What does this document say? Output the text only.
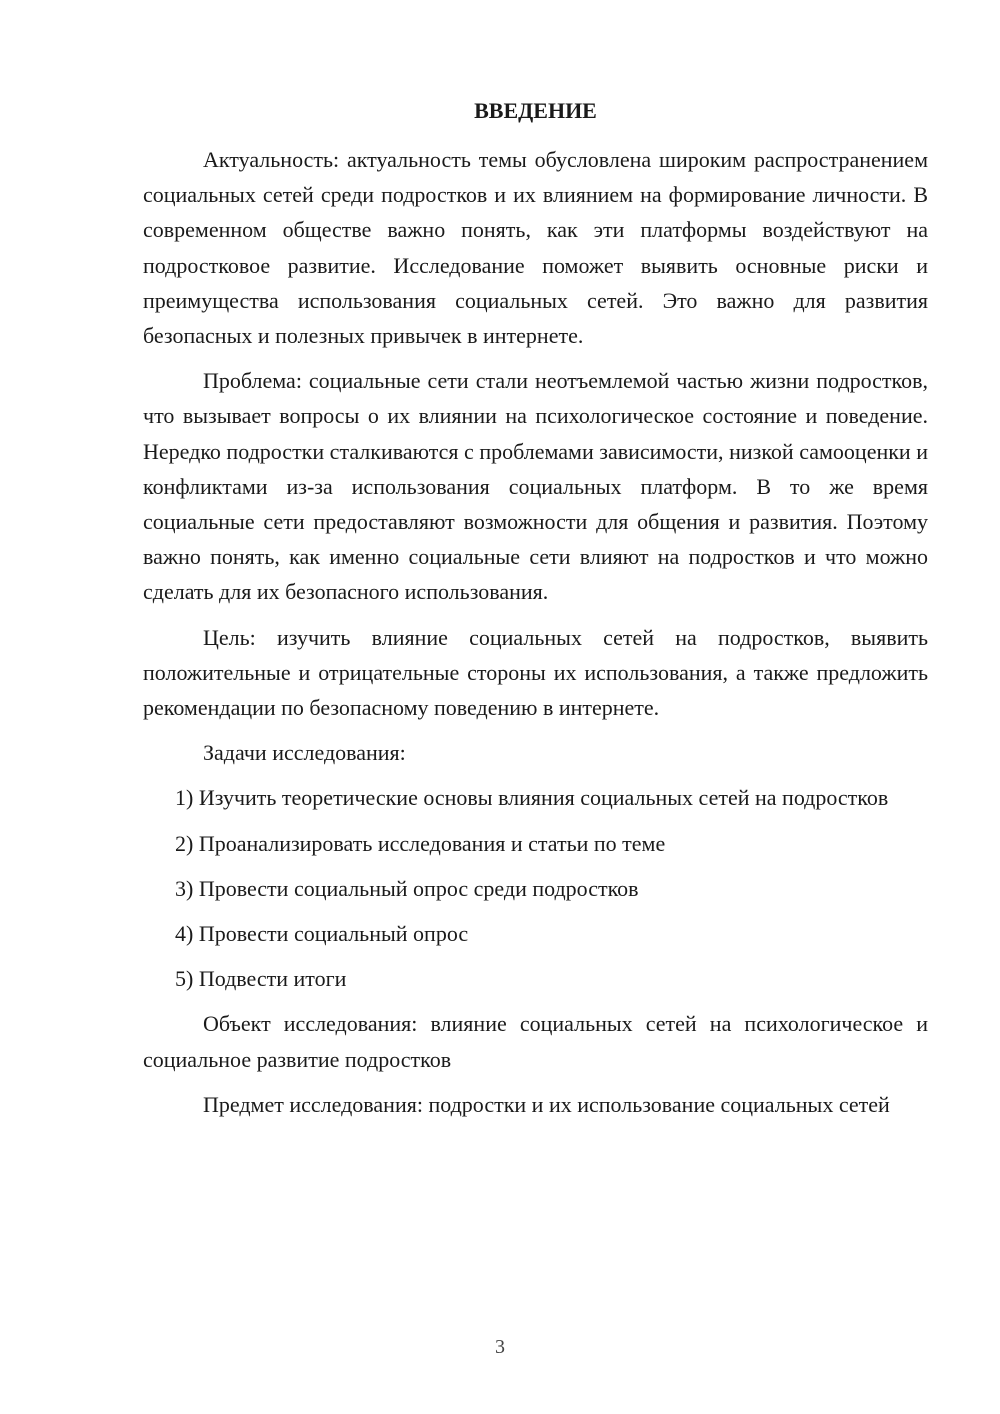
ВВЕДЕНИЕ

Актуальность: актуальность темы обусловлена широким распространением социальных сетей среди подростков и их влиянием на формирование личности. В современном обществе важно понять, как эти платформы воздействуют на подростковое развитие. Исследование поможет выявить основные риски и преимущества использования социальных сетей. Это важно для развития безопасных и полезных привычек в интернете.

Проблема: социальные сети стали неотъемлемой частью жизни подростков, что вызывает вопросы о их влиянии на психологическое состояние и поведение. Нередко подростки сталкиваются с проблемами зависимости, низкой самооценки и конфликтами из-за использования социальных платформ. В то же время социальные сети предоставляют возможности для общения и развития. Поэтому важно понять, как именно социальные сети влияют на подростков и что можно сделать для их безопасного использования.

Цель: изучить влияние социальных сетей на подростков, выявить положительные и отрицательные стороны их использования, а также предложить рекомендации по безопасному поведению в интернете.

Задачи исследования:

1) Изучить теоретические основы влияния социальных сетей на подростков

2) Проанализировать исследования и статьи по теме

3) Провести социальный опрос среди подростков

4) Провести социальный опрос

5) Подвести итоги

Объект исследования: влияние социальных сетей на психологическое и социальное развитие подростков

Предмет исследования: подростки и их использование социальных сетей

3
